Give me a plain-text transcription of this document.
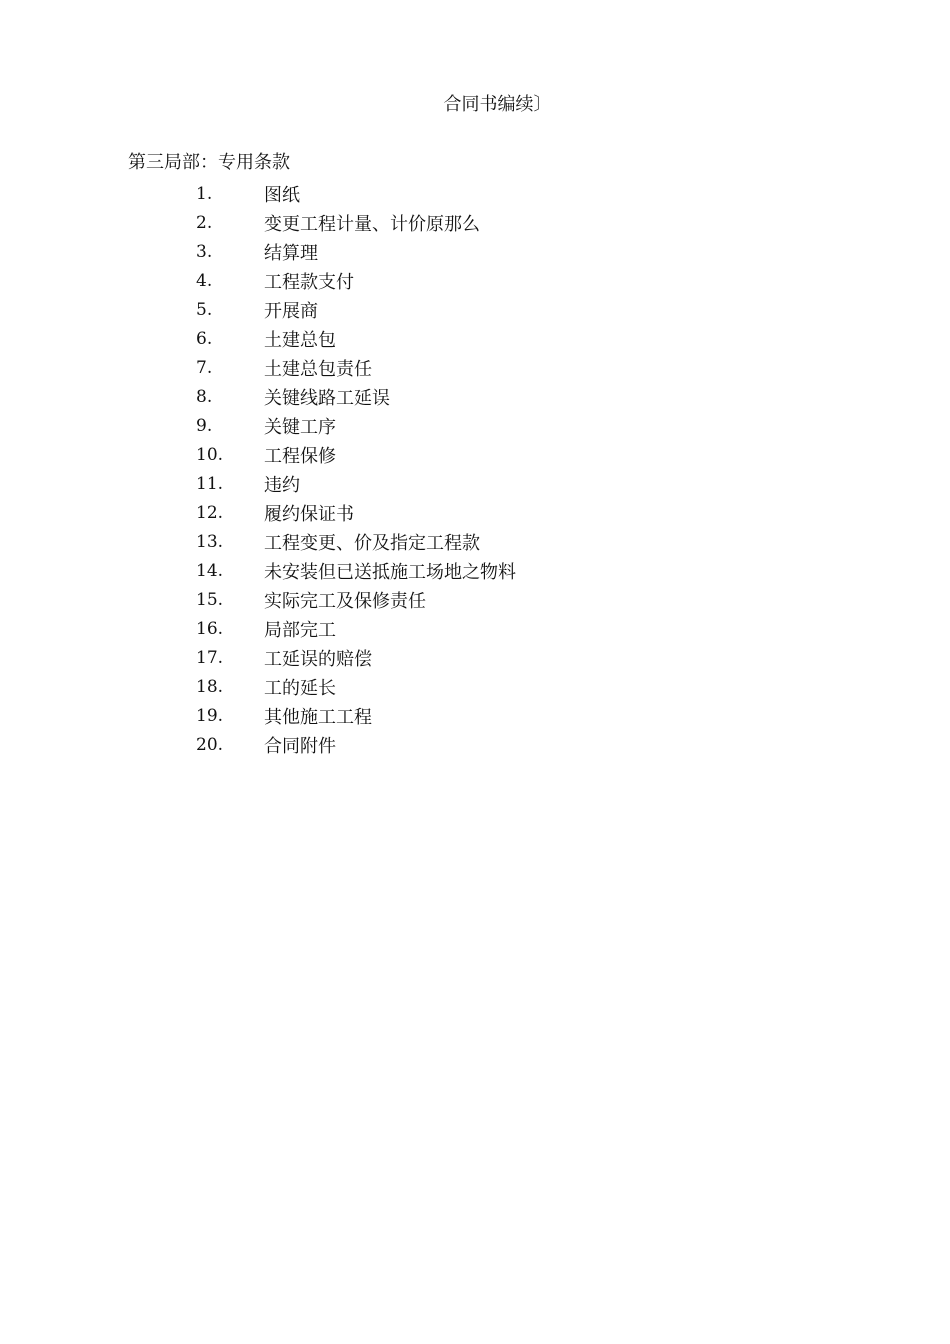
合同书编续〕
第三局部：专用条款
1.	图纸
2.	变更工程计量、计价原那么
3.	结算理
4.	工程款支付
5.	开展商
6.	土建总包
7.	土建总包责任
8.	关键线路工延误
9.	关键工序
10.	工程保修
11.	违约
12.	履约保证书
13.	工程变更、价及指定工程款
14.	未安装但已送抵施工场地之物料
15.	实际完工及保修责任
16.	局部完工
17.	工延误的赔偿
18.	工的延长
19.	其他施工工程
20.	合同附件
